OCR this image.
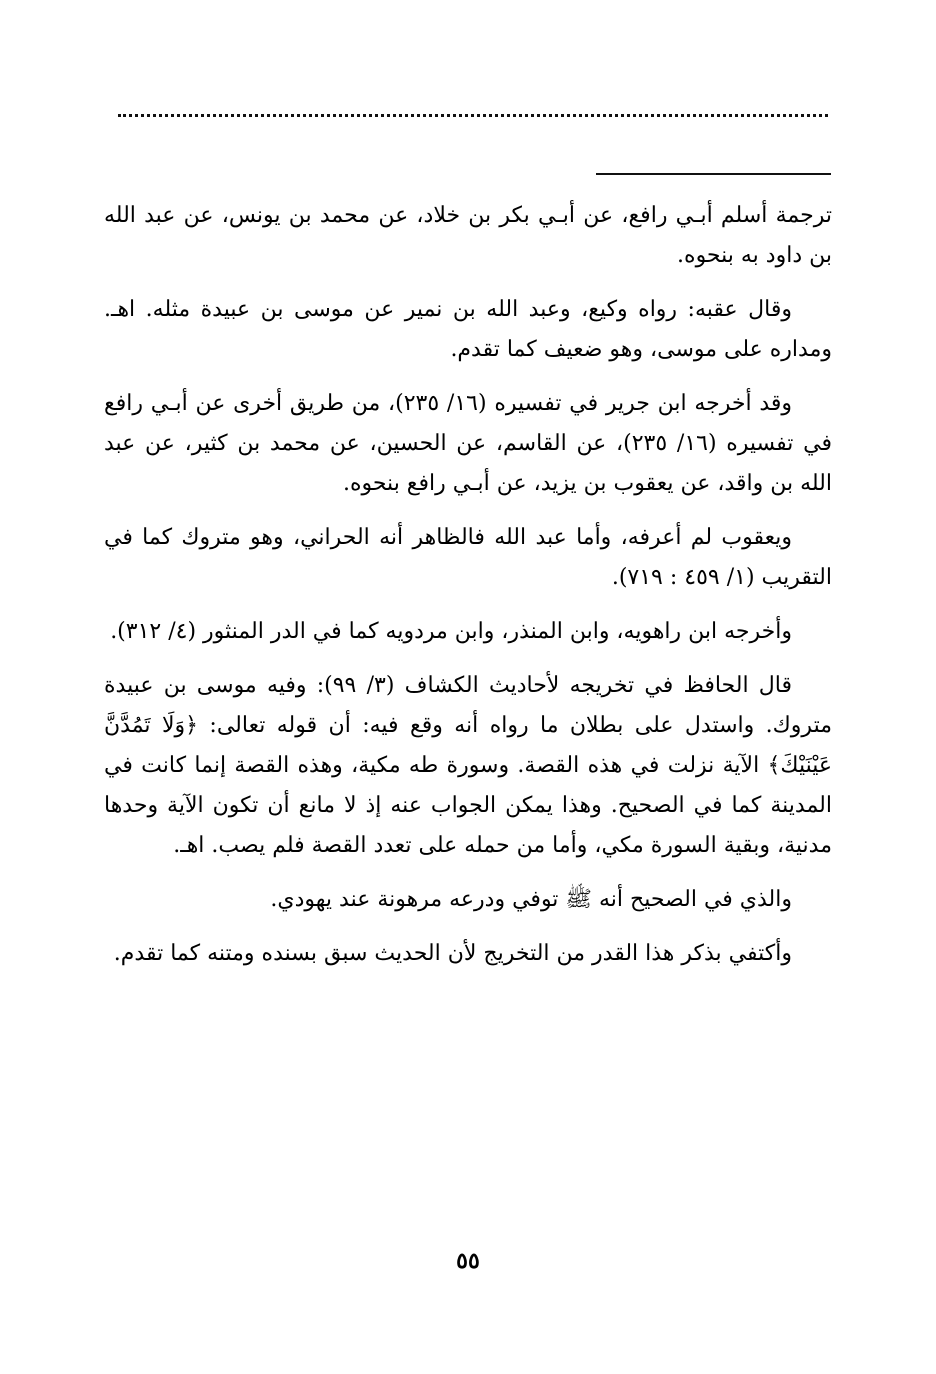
ترجمة أسلم أبـي رافع، عن أبـي بكر بن خلاد، عن محمد بن يونس، عن عبد الله بن داود به بنحوه.

وقال عقبه: رواه وكيع، وعبد الله بن نمير عن موسى بن عبيدة مثله. اهـ. ومداره على موسى، وهو ضعيف كما تقدم.

وقد أخرجه ابن جرير في تفسيره (١٦/ ٢٣٥)، من طريق أخرى عن أبـي رافع في تفسيره (١٦/ ٢٣٥)، عن القاسم، عن الحسين، عن محمد بن كثير، عن عبد الله بن واقد، عن يعقوب بن يزيد، عن أبـي رافع بنحوه.

ويعقوب لم أعرفه، وأما عبد الله فالظاهر أنه الحراني، وهو متروك كما في التقريب (١/ ٤٥٩ : ٧١٩).

وأخرجه ابن راهويه، وابن المنذر، وابن مردويه كما في الدر المنثور (٤/ ٣١٢).

قال الحافظ في تخريجه لأحاديث الكشاف (٣/ ٩٩): وفيه موسى بن عبيدة متروك. واستدل على بطلان ما رواه أنه وقع فيه: أن قوله تعالى: ﴿وَلَا تَمُدَّنَّ عَيْنَيْكَ﴾ الآية نزلت في هذه القصة. وسورة طه مكية، وهذه القصة إنما كانت في المدينة كما في الصحيح. وهذا يمكن الجواب عنه إذ لا مانع أن تكون الآية وحدها مدنية، وبقية السورة مكي، وأما من حمله على تعدد القصة فلم يصب. اهـ.

والذي في الصحيح أنه ﷺ توفي ودرعه مرهونة عند يهودي.

وأكتفي بذكر هذا القدر من التخريج لأن الحديث سبق بسنده ومتنه كما تقدم.

٥٥
